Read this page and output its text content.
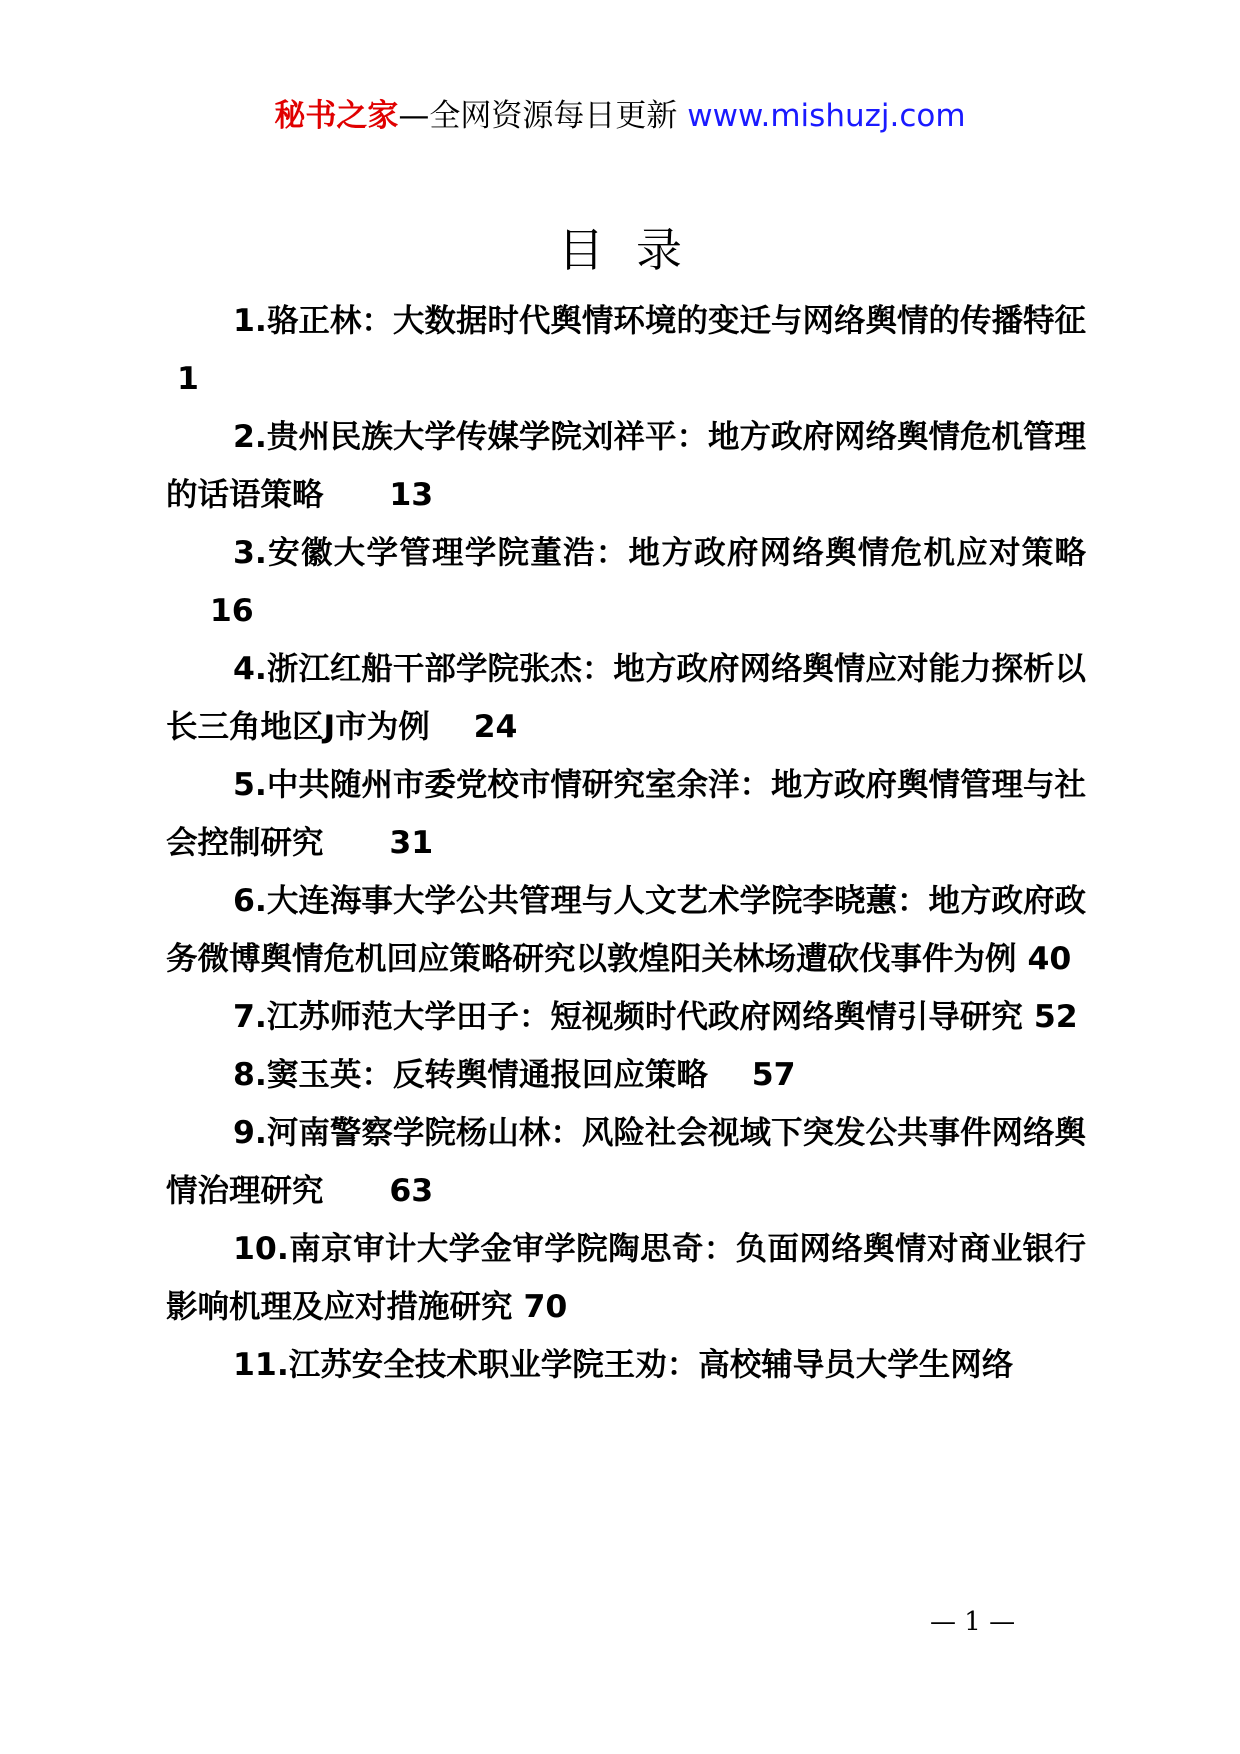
秘书之家—全网资源每日更新 www.mishuzj.com
目录
1.骆正林：大数据时代舆情环境的变迁与网络舆情的传播特征 1
2.贵州民族大学传媒学院刘祥平：地方政府网络舆情危机管理的话语策略      13
3.安徽大学管理学院董浩：地方政府网络舆情危机应对策略    16
4.浙江红船干部学院张杰：地方政府网络舆情应对能力探析以长三角地区J市为例    24
5.中共随州市委党校市情研究室余洋：地方政府舆情管理与社会控制研究      31
6.大连海事大学公共管理与人文艺术学院李晓蕙：地方政府政务微博舆情危机回应策略研究以敦煌阳关林场遭砍伐事件为例 40
7.江苏师范大学田子：短视频时代政府网络舆情引导研究 52
8.窦玉英：反转舆情通报回应策略    57
9.河南警察学院杨山林：风险社会视域下突发公共事件网络舆情治理研究      63
10.南京审计大学金审学院陶思奇：负面网络舆情对商业银行影响机理及应对措施研究 70
11.江苏安全技术职业学院王劝：高校辅导员大学生网络
— 1 —
